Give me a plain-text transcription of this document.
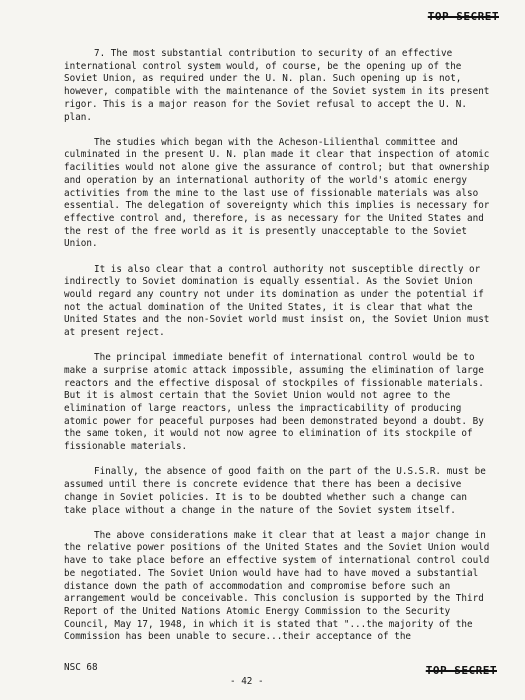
TOP SECRET

7. The most substantial contribution to security of an effective international control system would, of course, be the opening up of the Soviet Union, as required under the U. N. plan. Such opening up is not, however, compatible with the maintenance of the Soviet system in its present rigor. This is a major reason for the Soviet refusal to accept the U. N. plan.

The studies which began with the Acheson-Lilienthal committee and culminated in the present U. N. plan made it clear that inspection of atomic facilities would not alone give the assurance of control; but that ownership and operation by an international authority of the world's atomic energy activities from the mine to the last use of fissionable materials was also essential. The delegation of sovereignty which this implies is necessary for effective control and, therefore, is as necessary for the United States and the rest of the free world as it is presently unacceptable to the Soviet Union.

It is also clear that a control authority not susceptible directly or indirectly to Soviet domination is equally essential. As the Soviet Union would regard any country not under its domination as under the potential if not the actual domination of the United States, it is clear that what the United States and the non-Soviet world must insist on, the Soviet Union must at present reject.

The principal immediate benefit of international control would be to make a surprise atomic attack impossible, assuming the elimination of large reactors and the effective disposal of stockpiles of fissionable materials. But it is almost certain that the Soviet Union would not agree to the elimination of large reactors, unless the impracticability of producing atomic power for peaceful purposes had been demonstrated beyond a doubt. By the same token, it would not now agree to elimination of its stockpile of fissionable materials.

Finally, the absence of good faith on the part of the U.S.S.R. must be assumed until there is concrete evidence that there has been a decisive change in Soviet policies. It is to be doubted whether such a change can take place without a change in the nature of the Soviet system itself.

The above considerations make it clear that at least a major change in the relative power positions of the United States and the Soviet Union would have to take place before an effective system of international control could be negotiated. The Soviet Union would have had to have moved a substantial distance down the path of accommodation and compromise before such an arrangement would be conceivable. This conclusion is supported by the Third Report of the United Nations Atomic Energy Commission to the Security Council, May 17, 1948, in which it is stated that "...the majority of the Commission has been unable to secure...their acceptance of the

NSC 68
- 42 -
TOP SECRET
